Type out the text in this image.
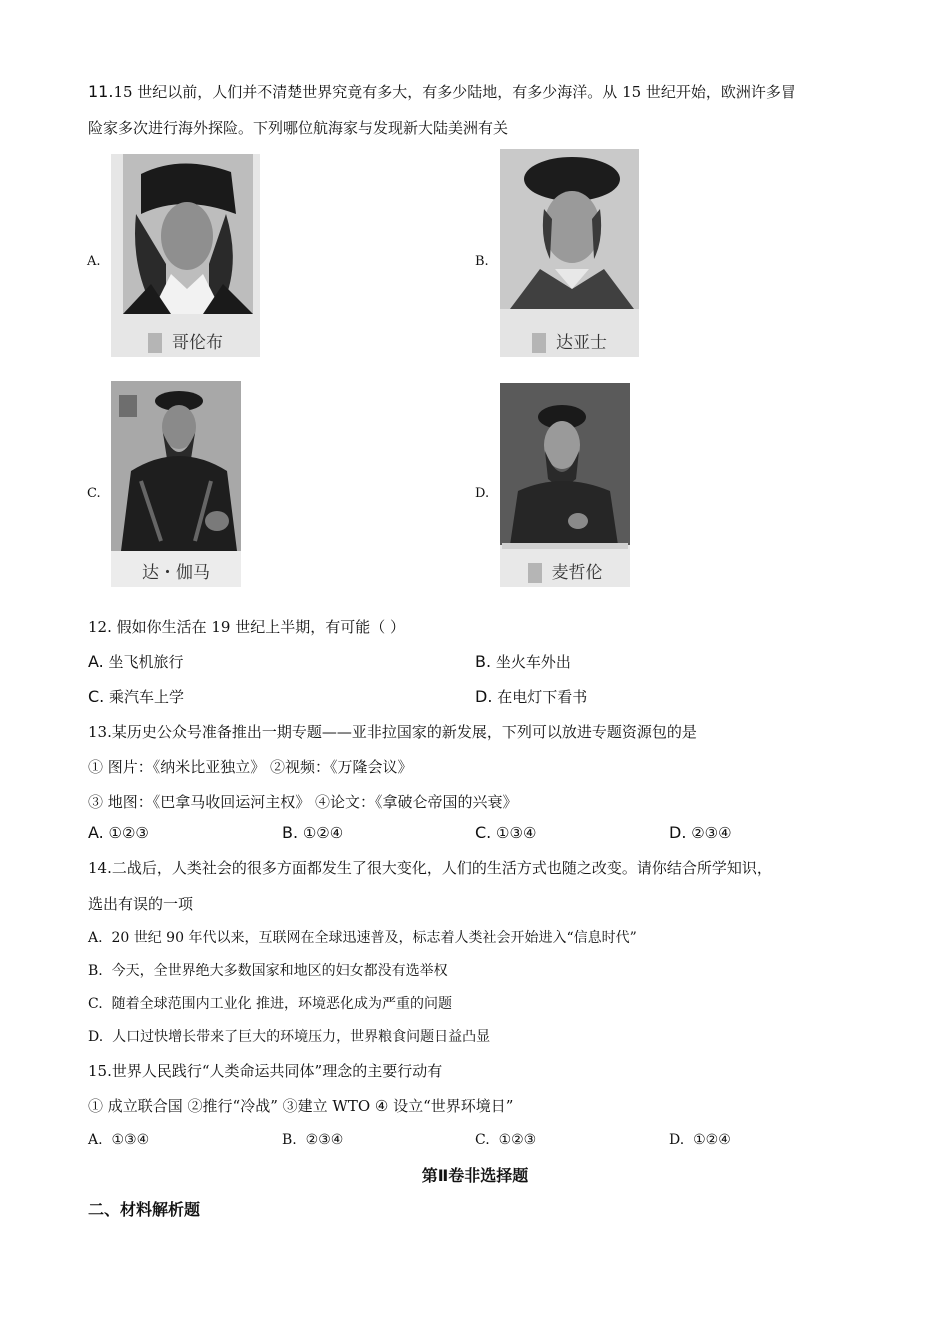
11.15 世纪以前，人们并不清楚世界究竟有多大，有多少陆地，有多少海洋。从 15 世纪开始，欧洲许多冒
险家多次进行海外探险。下列哪位航海家与发现新大陆美洲有关
A.
哥伦布
B.
达亚士
C.
达・伽马
D.
麦哲伦
12. 假如你生活在 19 世纪上半期，有可能（ ）
A. 坐飞机旅行	B. 坐火车外出
C. 乘汽车上学	D. 在电灯下看书
13.某历史公众号准备推出一期专题——亚非拉国家的新发展，下列可以放进专题资源包的是
① 图片：《纳米比亚独立》 ②视频：《万隆会议》
③ 地图：《巴拿马收回运河主权》 ④论文：《拿破仑帝国的兴衰》
A. ①②③	B. ①②④	C. ①③④	D. ②③④
14.二战后，人类社会的很多方面都发生了很大变化，人们的生活方式也随之改变。请你结合所学知识，
选出有误的一项
A. 20 世纪 90 年代以来，互联网在全球迅速普及，标志着人类社会开始进入“信息时代”
B. 今天，全世界绝大多数国家和地区的妇女都没有选举权
C. 随着全球范围内工业化 推进，环境恶化成为严重的问题
D. 人口过快增长带来了巨大的环境压力，世界粮食问题日益凸显
15.世界人民践行“人类命运共同体”理念的主要行动有
① 成立联合国 ②推行“冷战” ③建立 WTO ④ 设立“世界环境日”
A. ①③④	B. ②③④	C. ①②③	D. ①②④
第Ⅱ卷非选择题
二、材料解析题
